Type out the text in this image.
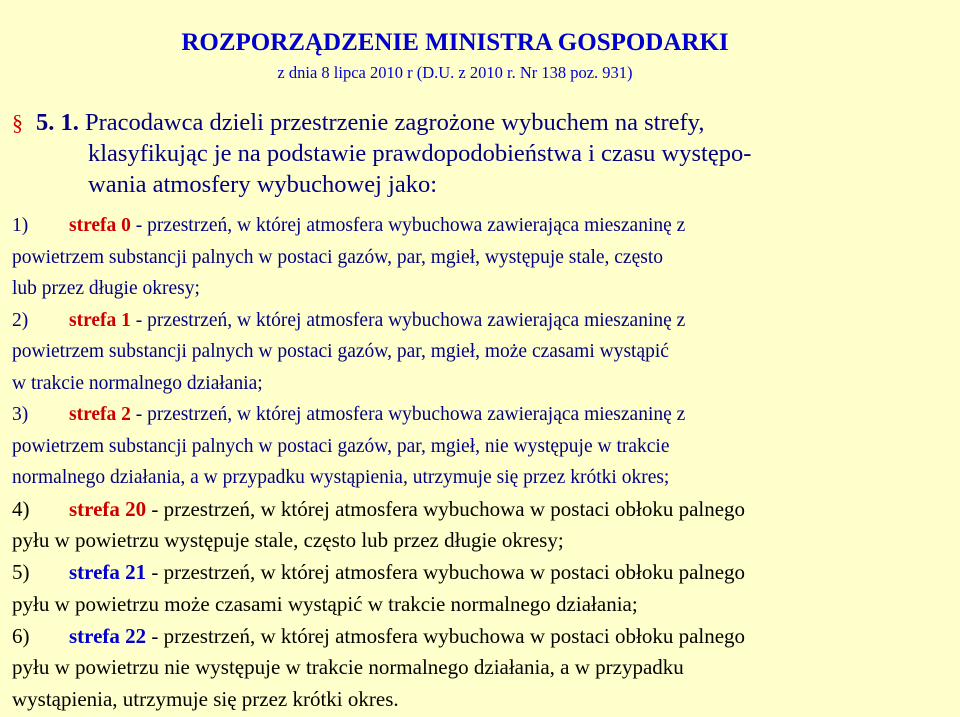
ROZPORZĄDZENIE MINISTRA GOSPODARKI
z dnia 8 lipca 2010 r (D.U. z 2010 r. Nr 138 poz. 931)
§ 5. 1. Pracodawca dzieli przestrzenie zagrożone wybuchem na strefy,
klasyfikując je na podstawie prawdopodobieństwa i czasu występo-
wania atmosfery wybuchowej jako:

1) strefa 0 - przestrzeń, w której atmosfera wybuchowa zawierająca mieszaninę z

powietrzem substancji palnych w postaci gazów, par, mgieł, występuje stale, często

lub przez długie okresy;

2) strefa 1 - przestrzeń, w której atmosfera wybuchowa zawierająca mieszaninę z

powietrzem substancji palnych w postaci gazów, par, mgieł, może czasami wystąpić

w trakcie normalnego działania;

3) strefa 2 - przestrzeń, w której atmosfera wybuchowa zawierająca mieszaninę z

powietrzem substancji palnych w postaci gazów, par, mgieł, nie występuje w trakcie

normalnego działania, a w przypadku wystąpienia, utrzymuje się przez krótki okres;

4) strefa 20 - przestrzeń, w której atmosfera wybuchowa w postaci obłoku palnego

pyłu w powietrzu występuje stale, często lub przez długie okresy;

5) strefa 21 - przestrzeń, w której atmosfera wybuchowa w postaci obłoku palnego

pyłu w powietrzu może czasami wystąpić w trakcie normalnego działania;

6) strefa 22 - przestrzeń, w której atmosfera wybuchowa w postaci obłoku palnego

pyłu w powietrzu nie występuje w trakcie normalnego działania, a w przypadku

wystąpienia, utrzymuje się przez krótki okres.
